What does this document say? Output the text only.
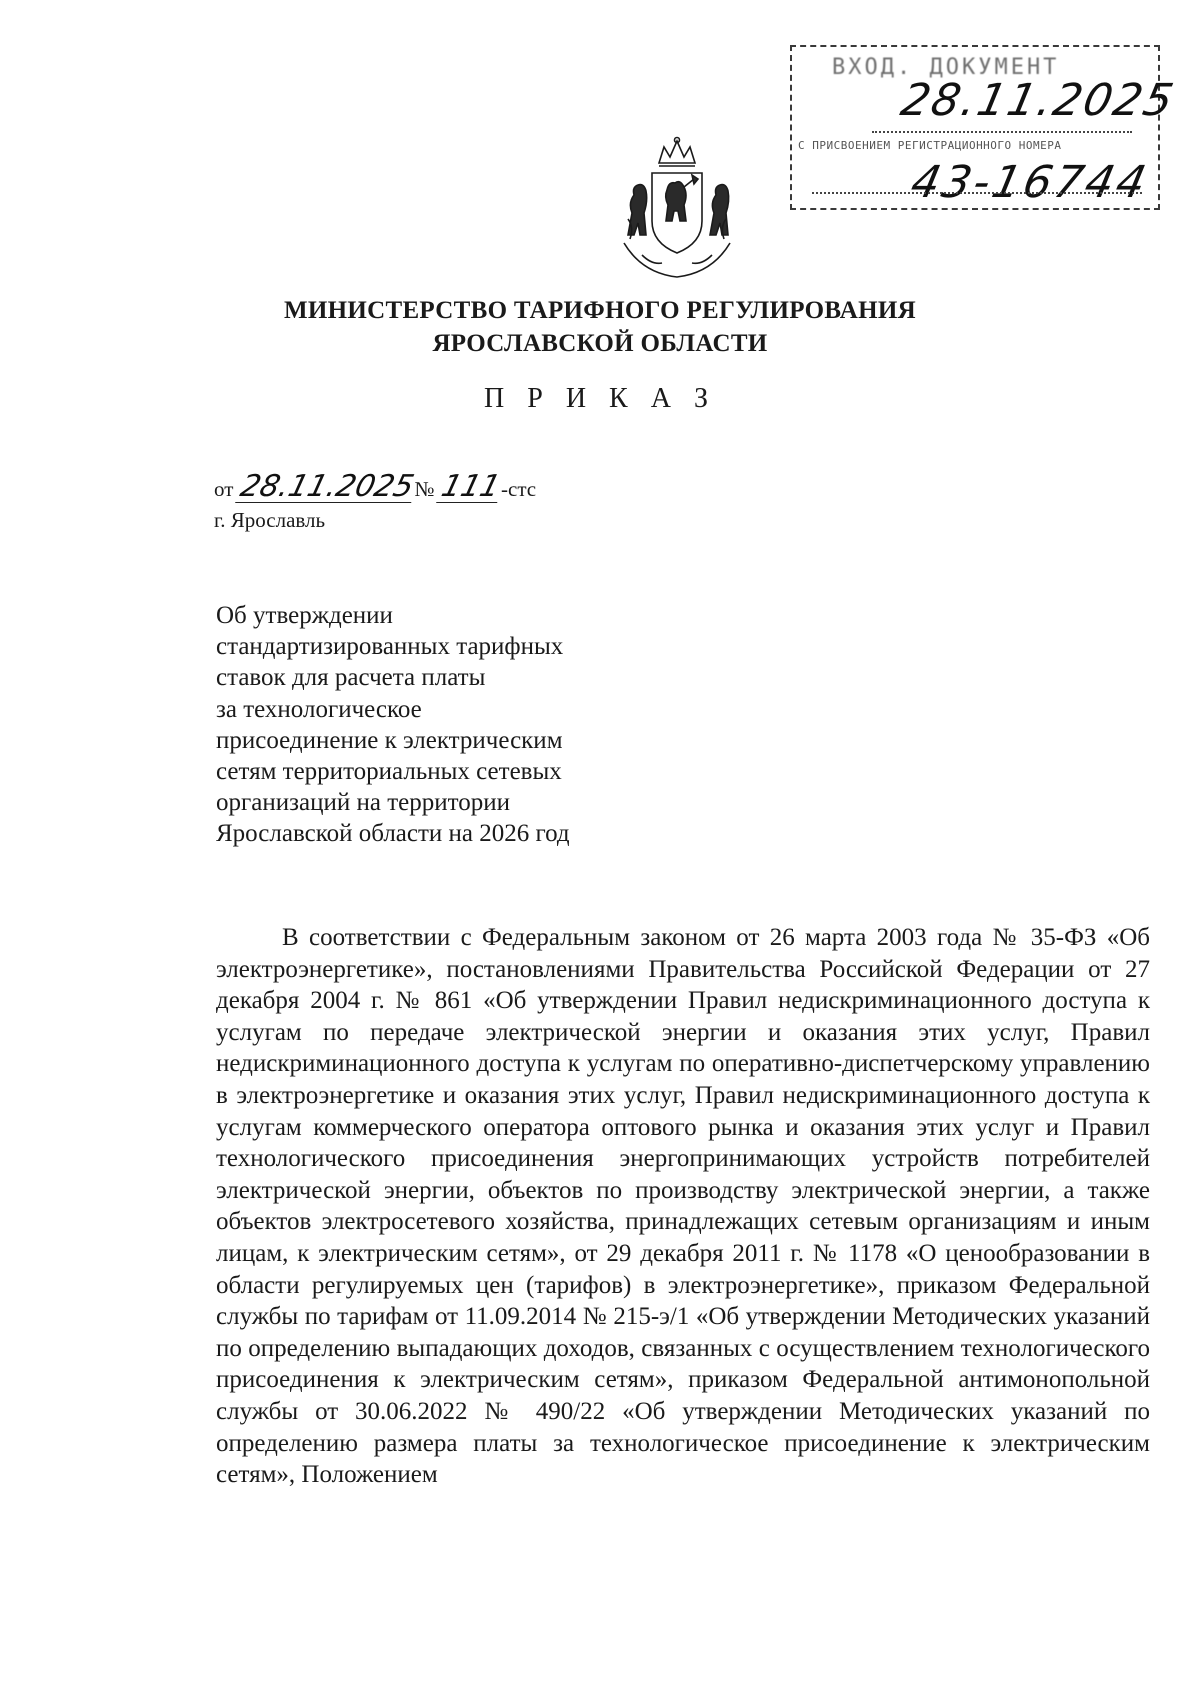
ВХОД. ДОКУМЕНТ
28.11.2025
С ПРИСВОЕНИЕМ РЕГИСТРАЦИОННОГО НОМЕРА
43-16744
МИНИСТЕРСТВО ТАРИФНОГО РЕГУЛИРОВАНИЯ
ЯРОСЛАВСКОЙ ОБЛАСТИ
П Р И К А З
от 28.11.2025№ 111-стс
г. Ярославль
Об утверждении
стандартизированных тарифных
ставок для расчета платы
за технологическое
присоединение к электрическим
сетям территориальных сетевых
организаций на территории
Ярославской области на 2026 год

В соответствии с Федеральным законом от 26 марта 2003 года № 35-ФЗ «Об электроэнергетике», постановлениями Правительства Российской Федерации от 27 декабря 2004 г. № 861 «Об утверждении Правил недискриминационного доступа к услугам по передаче электрической энергии и оказания этих услуг, Правил недискриминационного доступа к услугам по оперативно-диспетчерскому управлению в электроэнергетике и оказания этих услуг, Правил недискриминационного доступа к услугам коммерческого оператора оптового рынка и оказания этих услуг и Правил технологического присоединения энергопринимающих устройств потребителей электрической энергии, объектов по производству электрической энергии, а также объектов электросетевого хозяйства, принадлежащих сетевым организациям и иным лицам, к электрическим сетям», от 29 декабря 2011 г. № 1178 «О ценообразовании в области регулируемых цен (тарифов) в электроэнергетике», приказом Федеральной службы по тарифам от 11.09.2014 № 215-э/1 «Об утверждении Методических указаний по определению выпадающих доходов, связанных с осуществлением технологического присоединения к электрическим сетям», приказом Федеральной антимонопольной службы от 30.06.2022 № 490/22 «Об утверждении Методических указаний по определению размера платы за технологическое присоединение к электрическим сетям», Положением
